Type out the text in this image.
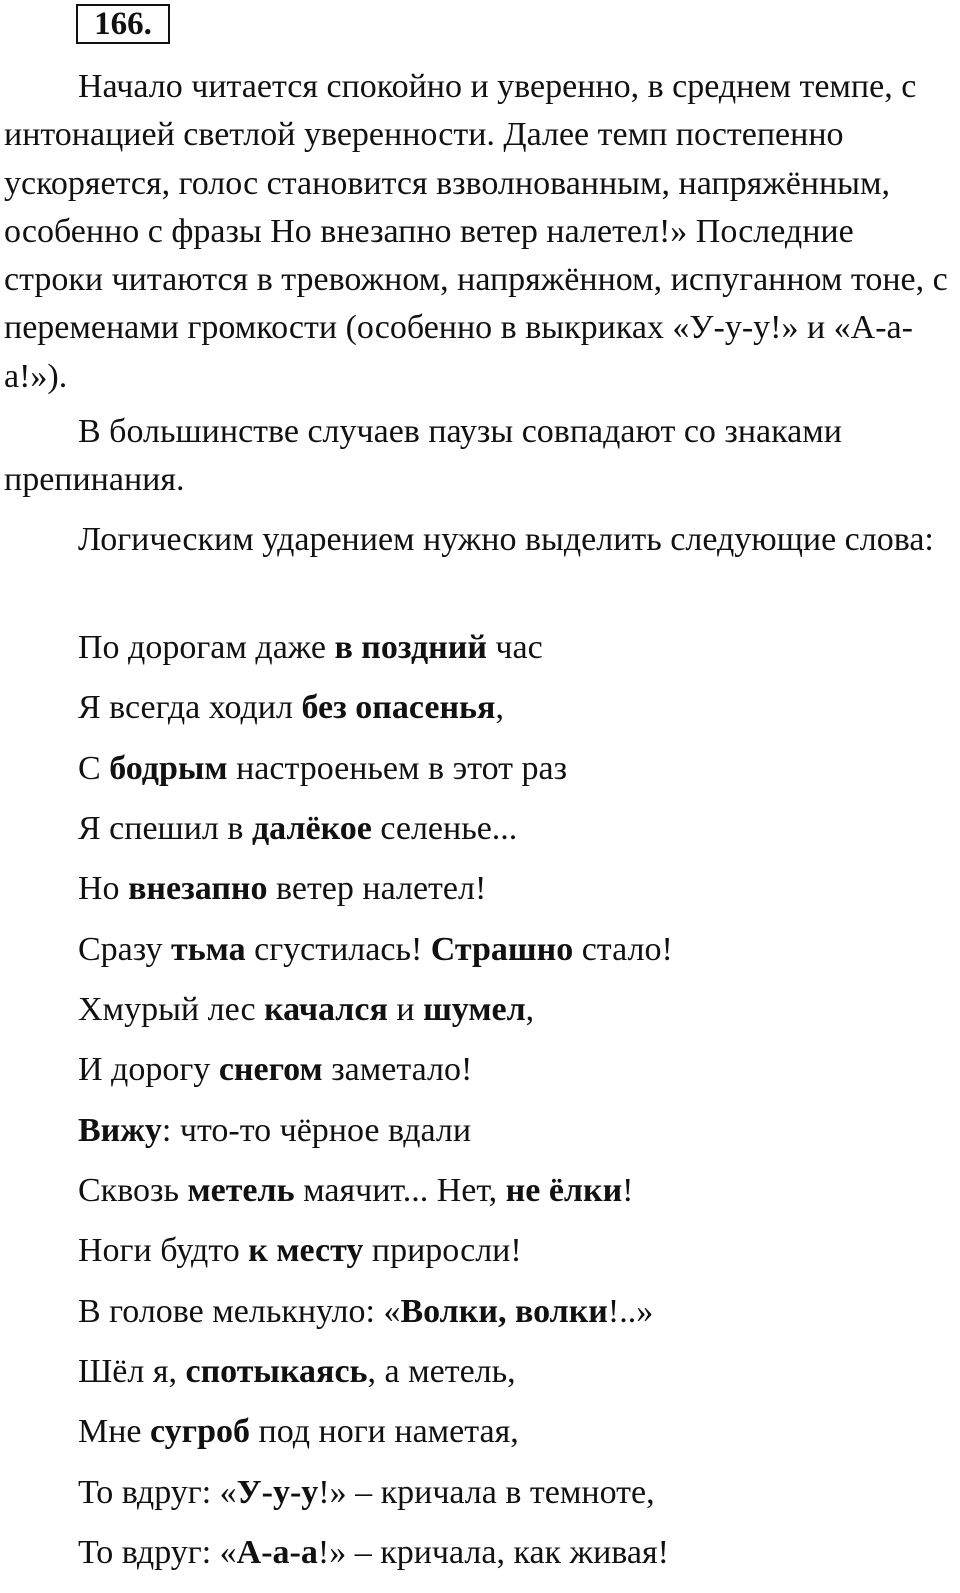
166.

Начало читается спокойно и уверенно, в среднем темпе, с интонацией светлой уверенности. Далее темп постепенно ускоряется, голос становится взволнованным, напряжённым, особенно с фразы Но внезапно ветер налетел!» Последние строки читаются в тревожном, напряжённом, испуганном тоне, с переменами громкости (особенно в выкриках «У-у-у!» и «А-а-а!»).

В большинстве случаев паузы совпадают со знаками препинания.

Логическим ударением нужно выделить следующие слова:

По дорогам даже в поздний час
Я всегда ходил без опасенья,
С бодрым настроеньем в этот раз
Я спешил в далёкое селенье...
Но внезапно ветер налетел!
Сразу тьма сгустилась! Страшно стало!
Хмурый лес качался и шумел,
И дорогу снегом заметало!
Вижу: что-то чёрное вдали
Сквозь метель маячит... Нет, не ёлки!
Ноги будто к месту приросли!
В голове мелькнуло: «Волки, волки!..»
Шёл я, спотыкаясь, а метель,
Мне сугроб под ноги наметая,
То вдруг: «У-у-у!» – кричала в темноте,
То вдруг: «А-а-а!» – кричала, как живая!
